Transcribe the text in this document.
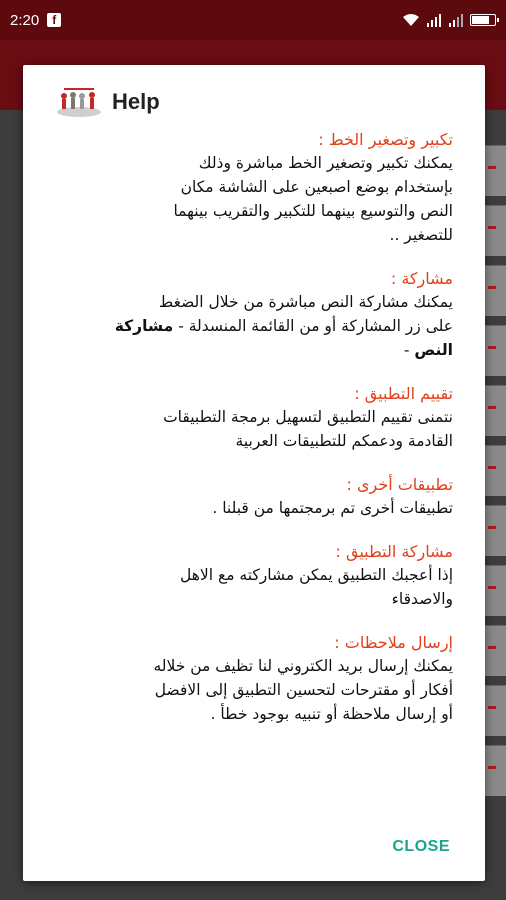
2:20	f
Help
تكبير وتصغير الخط :
يمكنك تكبير وتصغير الخط مباشرة وذلك
بإستخدام بوضع اصبعين على الشاشة مكان
النص والتوسيع بينهما للتكبير والتقريب بينهما
للتصغير ..
مشاركة :
يمكنك مشاركة النص مباشرة من خلال الضغط
على زر المشاركة أو من القائمة المنسدلة - مشاركة
النص -
تقييم التطبيق :
نتمنى تقييم التطبيق لتسهيل برمجة التطبيقات
القادمة ودعمكم للتطبيقات العربية
تطبيقات أخرى :
تطبيقات أخرى تم برمجتمها من قبلنا .
مشاركة التطبيق :
إذا أعجبك التطبيق يمكن مشاركته مع الاهل
والاصدقاء
إرسال ملاحظات :
يمكنك إرسال بريد الكتروني لنا تظيف من خلاله
أفكار أو مقترحات لتحسين التطبيق إلى الافضل
أو إرسال ملاحظة أو تنبيه بوجود خطأ .
CLOSE
